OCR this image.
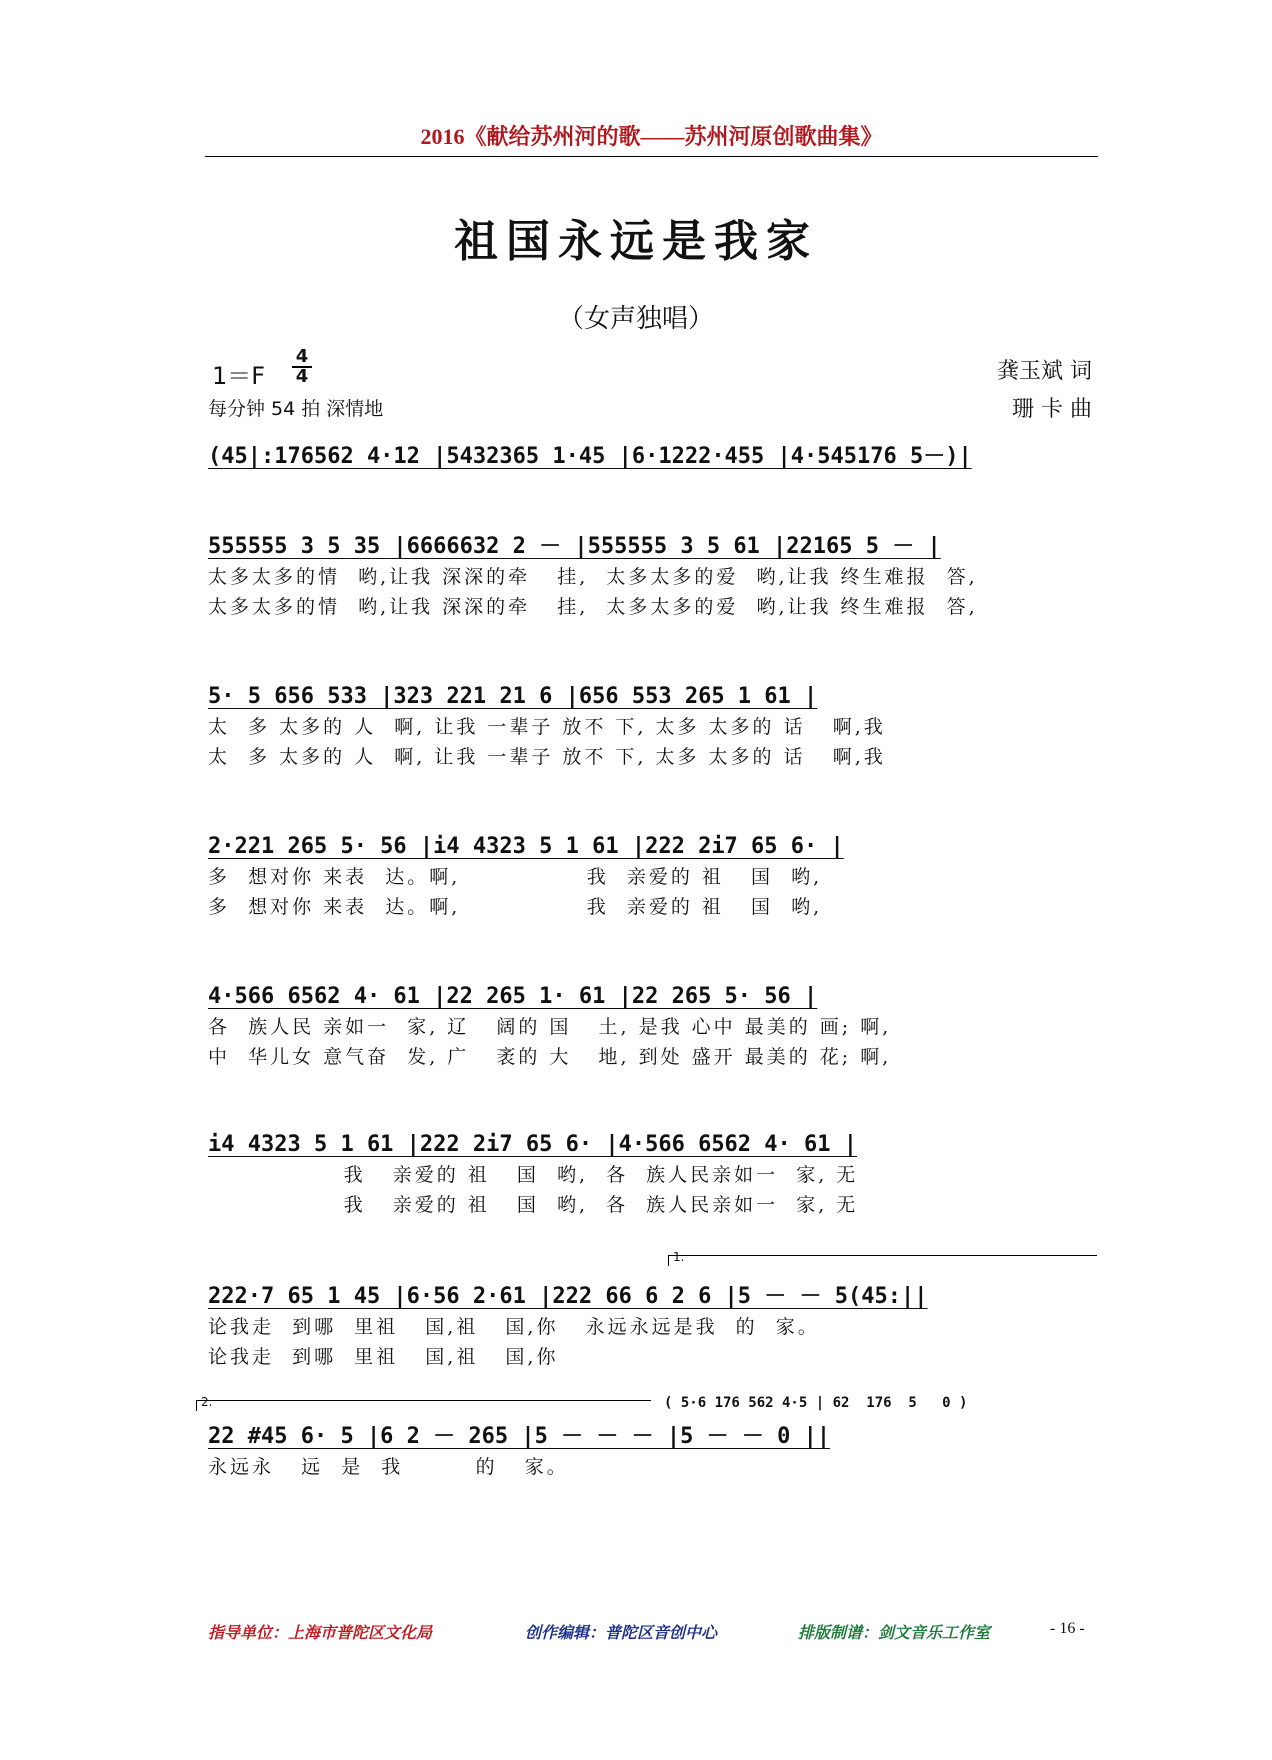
2016《献给苏州河的歌——苏州河原创歌曲集》
祖国永远是我家
（女声独唱）
1＝F
4
4
每分钟 54 拍 深情地
龚玉斌 词
珊 卡 曲
(45|:176562 4·12 |5432365 1·45 |6·1222·455 |4·545176 5－)|
555555 3 5 35 |6666632 2 － |555555 3 5 61 |22165 5 － |
太多太多的情  哟,让我 深深的牵   挂,  太多太多的爱  哟,让我 终生难报  答,
太多太多的情  哟,让我 深深的牵   挂,  太多太多的爱  哟,让我 终生难报  答,
5· 5 656 533 |323 221 21 6 |656 553 265 1 61 |
太  多 太多的 人  啊, 让我 一辈子 放不 下, 太多 太多的 话   啊,我
太  多 太多的 人  啊, 让我 一辈子 放不 下, 太多 太多的 话   啊,我
2·221 265 5· 56 |i4 4323 5 1 61 |222 2i7 65 6· |
多  想对你 来表  达。啊,              我  亲爱的 祖   国  哟,
多  想对你 来表  达。啊,              我  亲爱的 祖   国  哟,
4·566 6562 4· 61 |22 265 1· 61 |22 265 5· 56 |
各  族人民 亲如一  家, 辽   阔的 国   土, 是我 心中 最美的 画; 啊,
中  华儿女 意气奋  发, 广   袤的 大   地, 到处 盛开 最美的 花; 啊,
i4 4323 5 1 61 |222 2i7 65 6· |4·566 6562 4· 61 |
我   亲爱的 祖   国  哟,  各  族人民亲如一  家, 无
我   亲爱的 祖   国  哟,  各  族人民亲如一  家, 无
1.
222·7 65 1 45 |6·56 2·61 |222 66 6 2 6 |5 － － 5(45:||
论我走  到哪  里祖   国,祖   国,你   永远永远是我  的  家。
论我走  到哪  里祖   国,祖   国,你
2.	( 5·6 176 562 4·5 | 62  176  5   0 )
22 #45 6· 5 |6 2 － 265 |5 － － － |5 － － 0 ||
永远永   远  是  我        的   家。
指导单位：上海市普陀区文化局	创作编辑：普陀区音创中心	排版制谱：剑文音乐工作室	- 16 -
